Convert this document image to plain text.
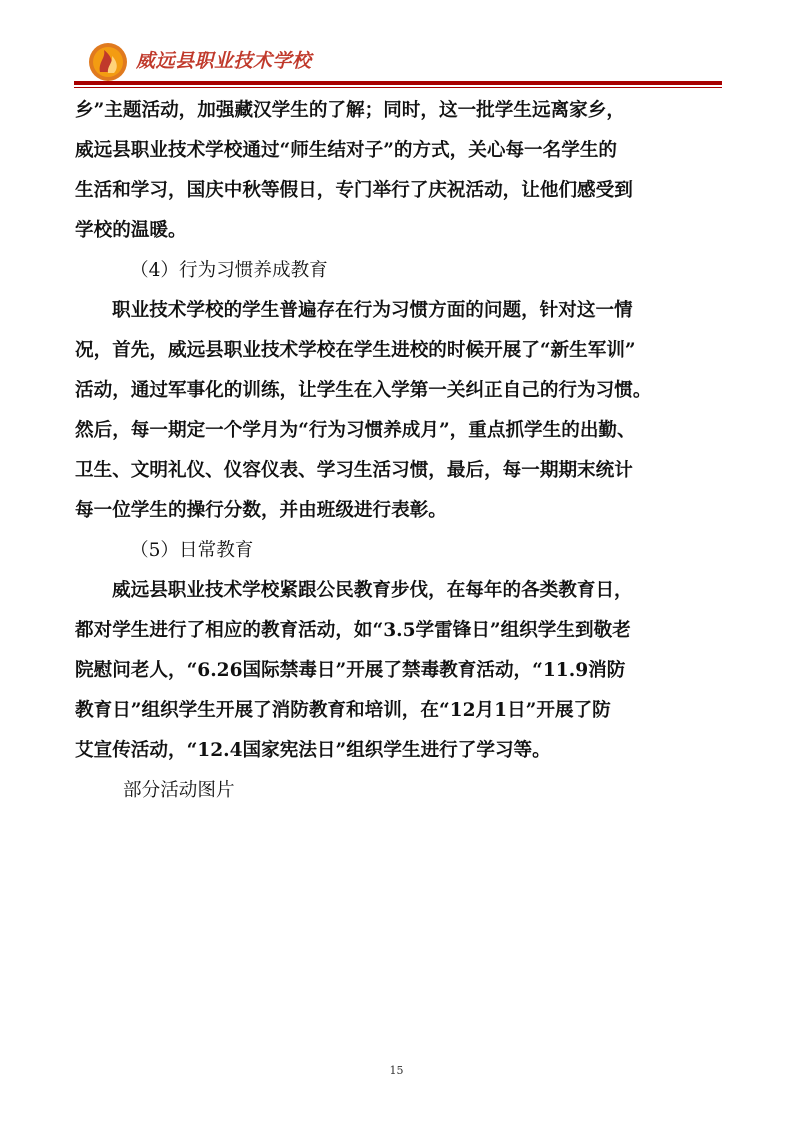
威远县职业技术学校
乡”主题活动，加强藏汉学生的了解；同时，这一批学生远离家乡，
威远县职业技术学校通过“师生结对子”的方式，关心每一名学生的
生活和学习，国庆中秋等假日，专门举行了庆祝活动，让他们感受到
学校的温暖。
（4）行为习惯养成教育
职业技术学校的学生普遍存在行为习惯方面的问题，针对这一情
况，首先，威远县职业技术学校在学生进校的时候开展了“新生军训”
活动，通过军事化的训练，让学生在入学第一关纠正自己的行为习惯。
然后，每一期定一个学月为“行为习惯养成月”，重点抓学生的出勤、
卫生、文明礼仪、仪容仪表、学习生活习惯，最后，每一期期末统计
每一位学生的操行分数，并由班级进行表彰。
（5）日常教育
威远县职业技术学校紧跟公民教育步伐，在每年的各类教育日，
都对学生进行了相应的教育活动，如“3.5学雷锋日”组织学生到敬老
院慰问老人，“6.26国际禁毒日”开展了禁毒教育活动，“11.9消防
教育日”组织学生开展了消防教育和培训，在“12月1日”开展了防
艾宣传活动，“12.4国家宪法日”组织学生进行了学习等。
部分活动图片
15
